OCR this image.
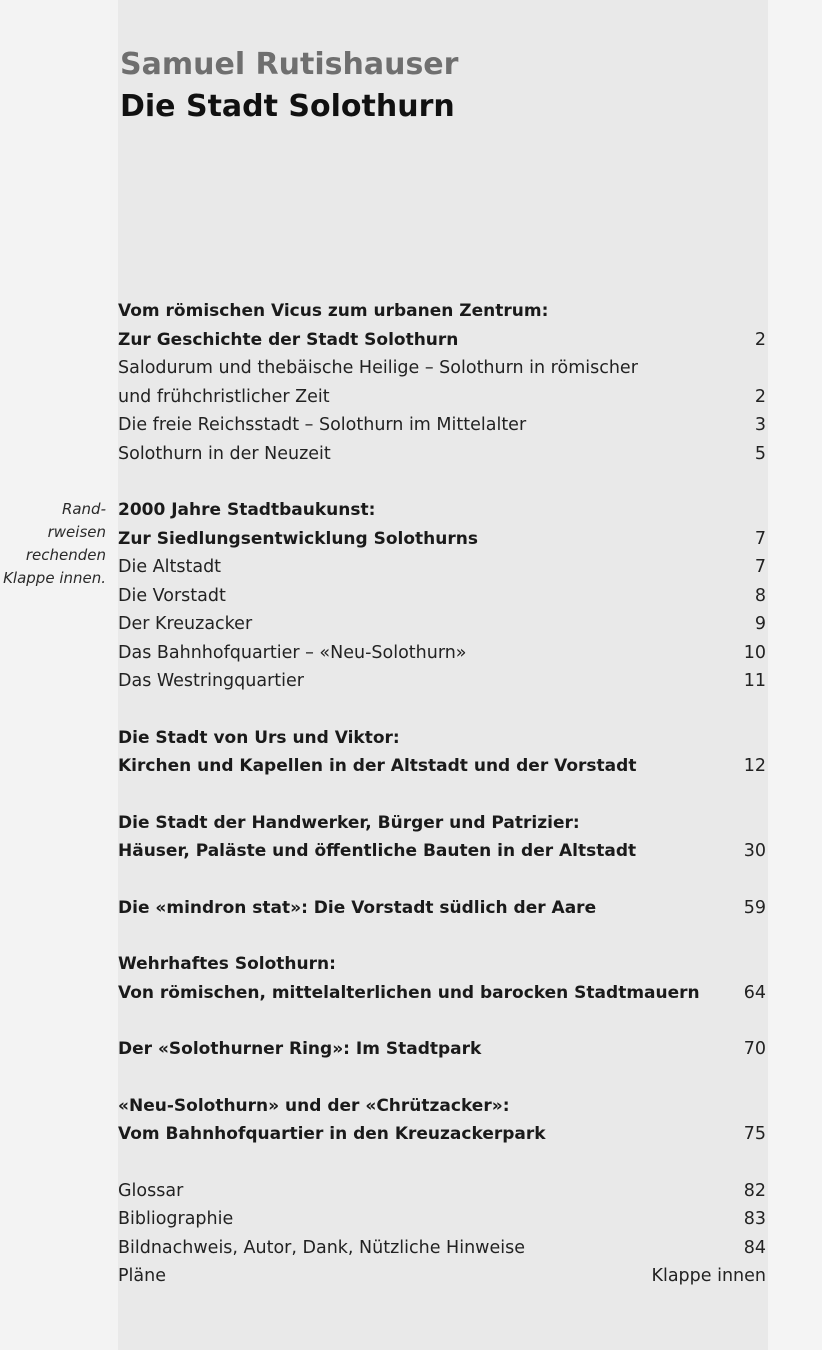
Rand-
rweisen
rechenden
Klappe innen.
Samuel Rutishauser
Die Stadt Solothurn
Vom römischen Vicus zum urbanen Zentrum:
Zur Geschichte der Stadt Solothurn	2
Salodurum und thebäische Heilige – Solothurn in römischer
und frühchristlicher Zeit	2
Die freie Reichsstadt – Solothurn im Mittelalter	3
Solothurn in der Neuzeit	5
2000 Jahre Stadtbaukunst:
Zur Siedlungsentwicklung Solothurns	7
Die Altstadt	7
Die Vorstadt	8
Der Kreuzacker	9
Das Bahnhofquartier – «Neu-Solothurn»	10
Das Westringquartier	11
Die Stadt von Urs und Viktor:
Kirchen und Kapellen in der Altstadt und der Vorstadt	12
Die Stadt der Handwerker, Bürger und Patrizier:
Häuser, Paläste und öffentliche Bauten in der Altstadt	30
Die «mindron stat»: Die Vorstadt südlich der Aare	59
Wehrhaftes Solothurn:
Von römischen, mittelalterlichen und barocken Stadtmauern	64
Der «Solothurner Ring»: Im Stadtpark	70
«Neu-Solothurn» und der «Chrützacker»:
Vom Bahnhofquartier in den Kreuzackerpark	75
Glossar	82
Bibliographie	83
Bildnachweis, Autor, Dank, Nützliche Hinweise	84
Pläne	Klappe innen
